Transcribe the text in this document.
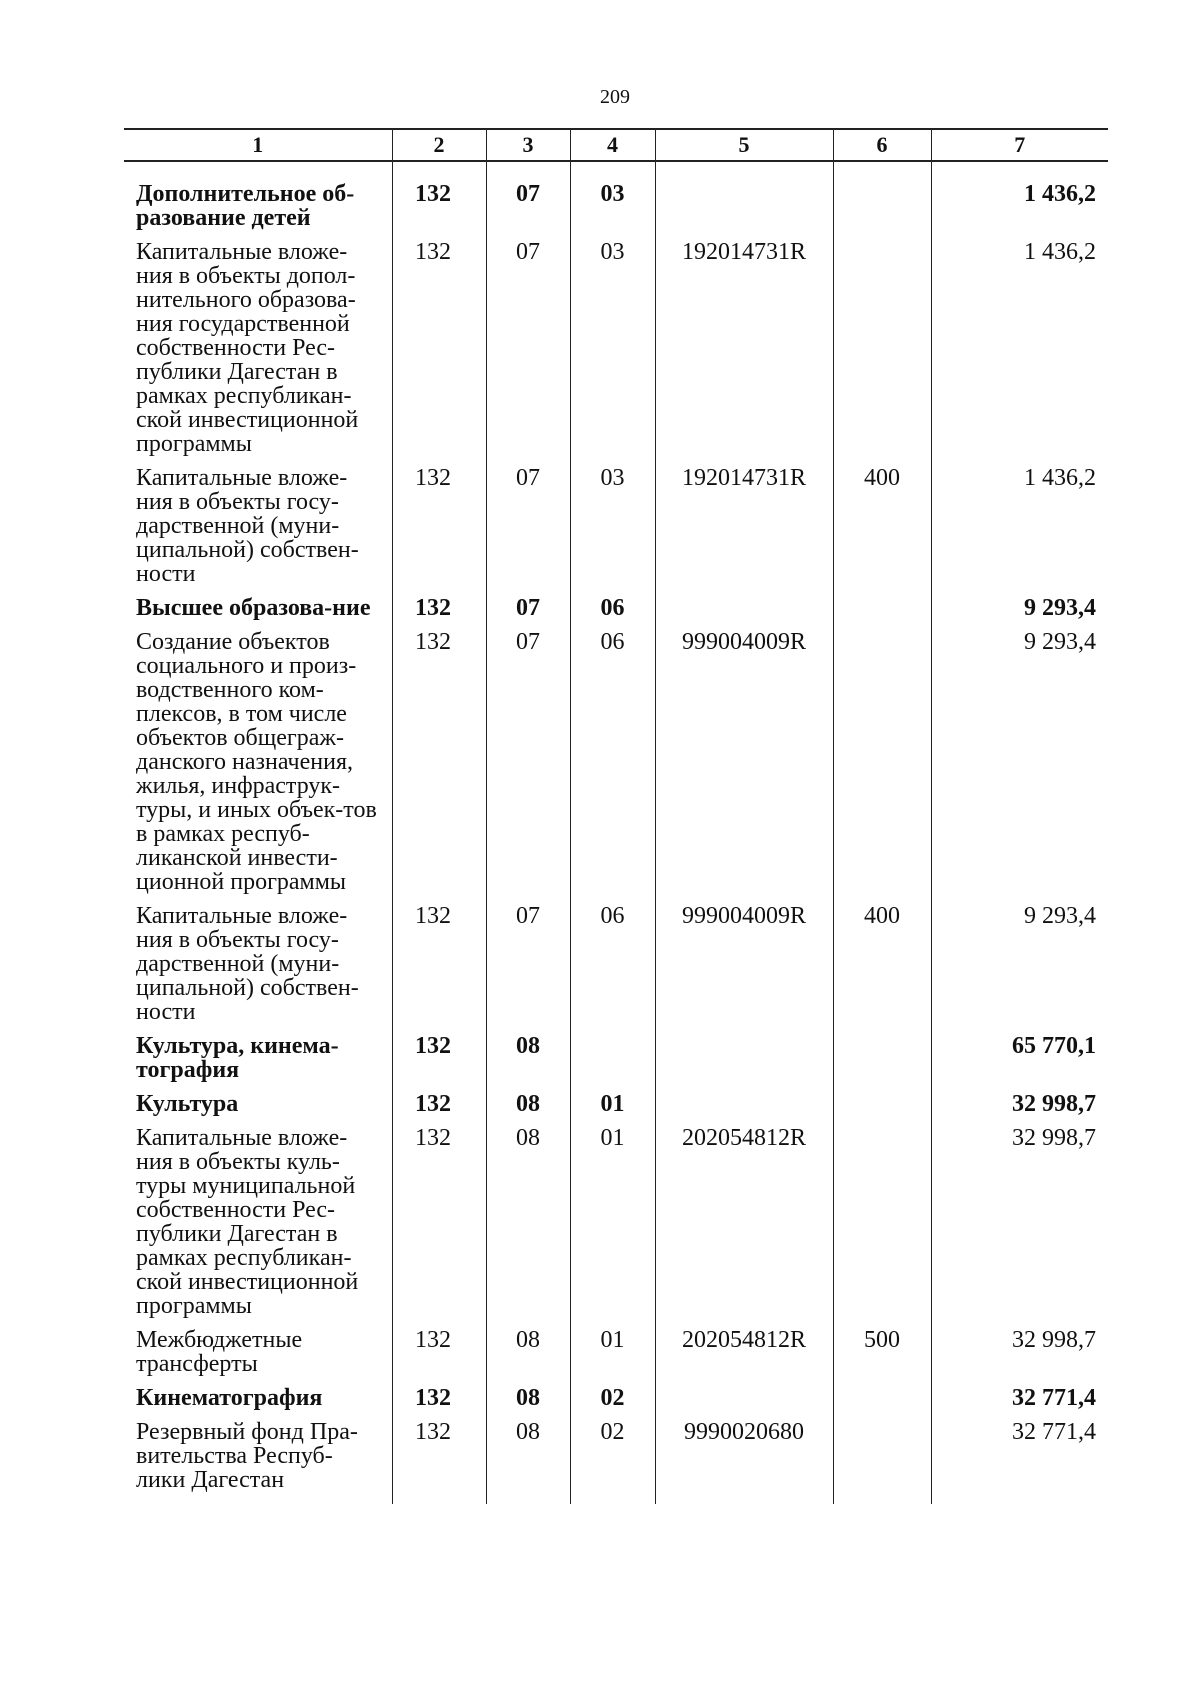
209
1	2	3	4	5	6	7

Дополнительное об-разование детей	132	07	03			1 436,2
Капитальные вложе-ния в объекты допол-нительного образова-ния государственной собственности Рес-публики Дагестан в рамках республикан-ской инвестиционной программы	132	07	03	192014731R		1 436,2
Капитальные вложе-ния в объекты госу-дарственной (муни-ципальной) собствен-ности	132	07	03	192014731R	400	1 436,2
Высшее образова-ние	132	07	06			9 293,4
Создание объектов социального и произ-водственного ком-плексов, в том числе объектов общеграж-данского назначения, жилья, инфраструк-туры, и иных объек-тов в рамках респуб-ликанской инвести-ционной программы	132	07	06	999004009R		9 293,4
Капитальные вложе-ния в объекты госу-дарственной (муни-ципальной) собствен-ности	132	07	06	999004009R	400	9 293,4
Культура, кинема-тография	132	08				65 770,1
Культура	132	08	01			32 998,7
Капитальные вложе-ния в объекты куль-туры муниципальной собственности Рес-публики Дагестан в рамках республикан-ской инвестиционной программы	132	08	01	202054812R		32 998,7
Межбюджетные трансферты	132	08	01	202054812R	500	32 998,7
Кинематография	132	08	02			32 771,4
Резервный фонд Пра-вительства Респуб-лики Дагестан	132	08	02	9990020680		32 771,4
